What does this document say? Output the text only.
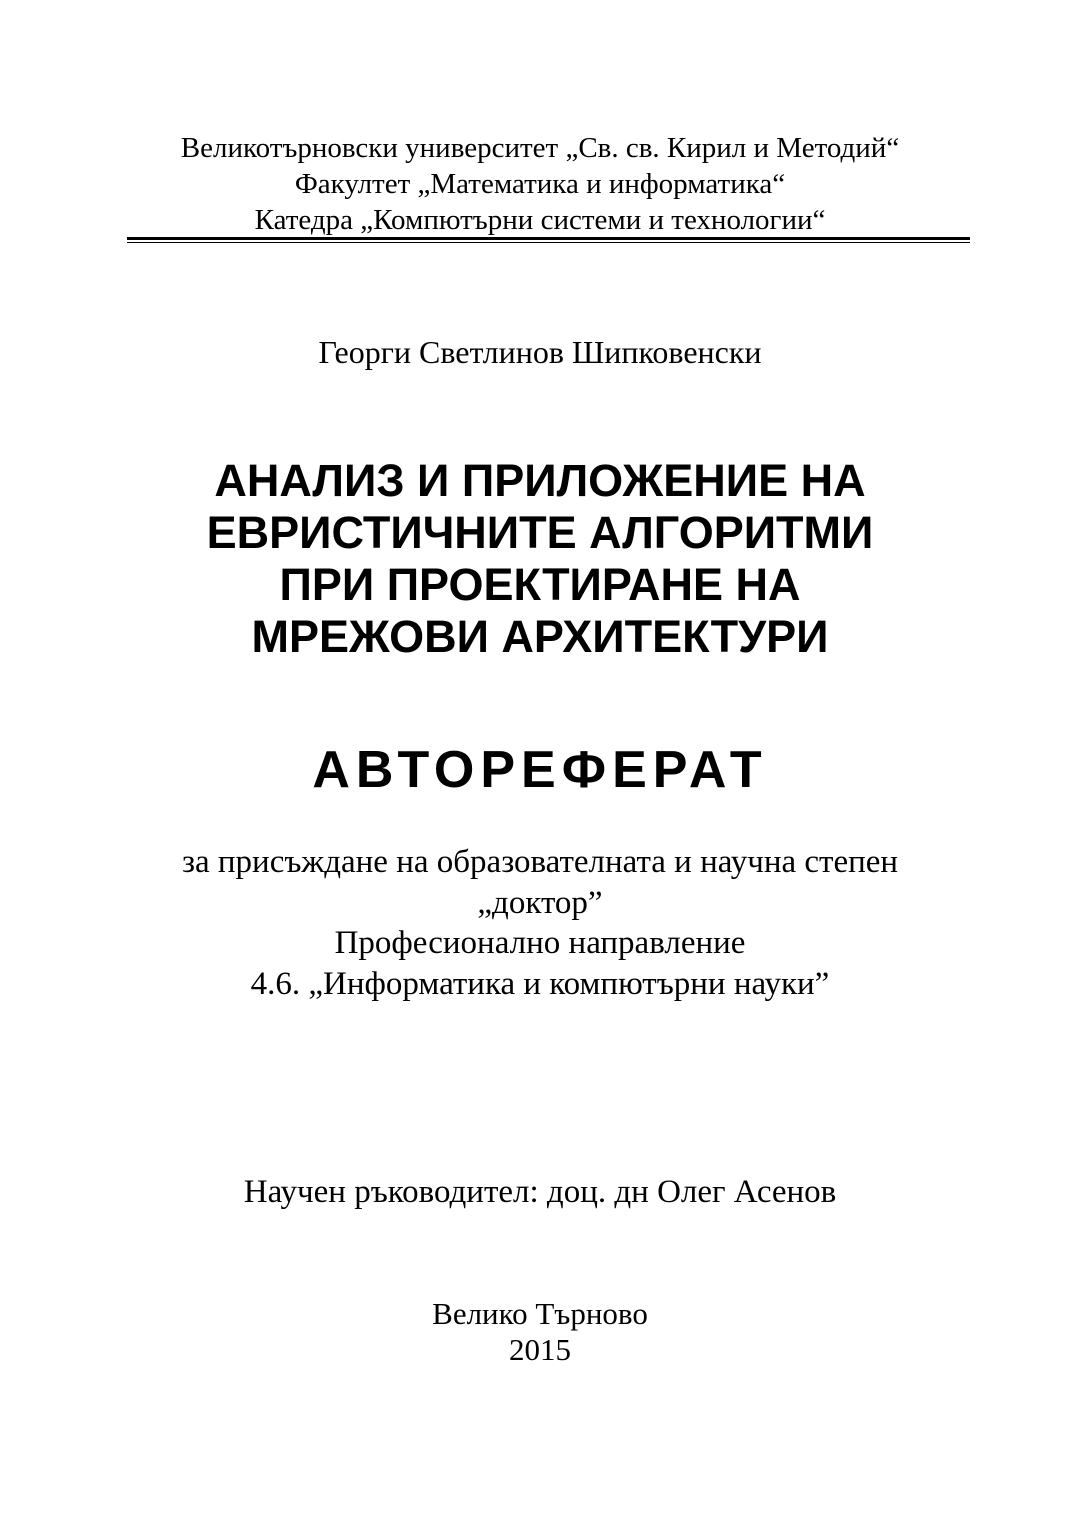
Великотърновски университет „Св. св. Кирил и Методий“
Факултет „Математика и информатика“
Катедра „Компютърни системи и технологии“
Георги Светлинов Шипковенски
АНАЛИЗ И ПРИЛОЖЕНИЕ НА
ЕВРИСТИЧНИТЕ АЛГОРИТМИ
ПРИ ПРОЕКТИРАНЕ НА
МРЕЖОВИ АРХИТЕКТУРИ
АВТОРЕФЕРАТ
за присъждане на образователната и научна степен
„доктор”
Професионално направление
4.6. „Информатика и компютърни науки”
Научен ръководител: доц. дн Олег Асенов
Велико Търново
2015
